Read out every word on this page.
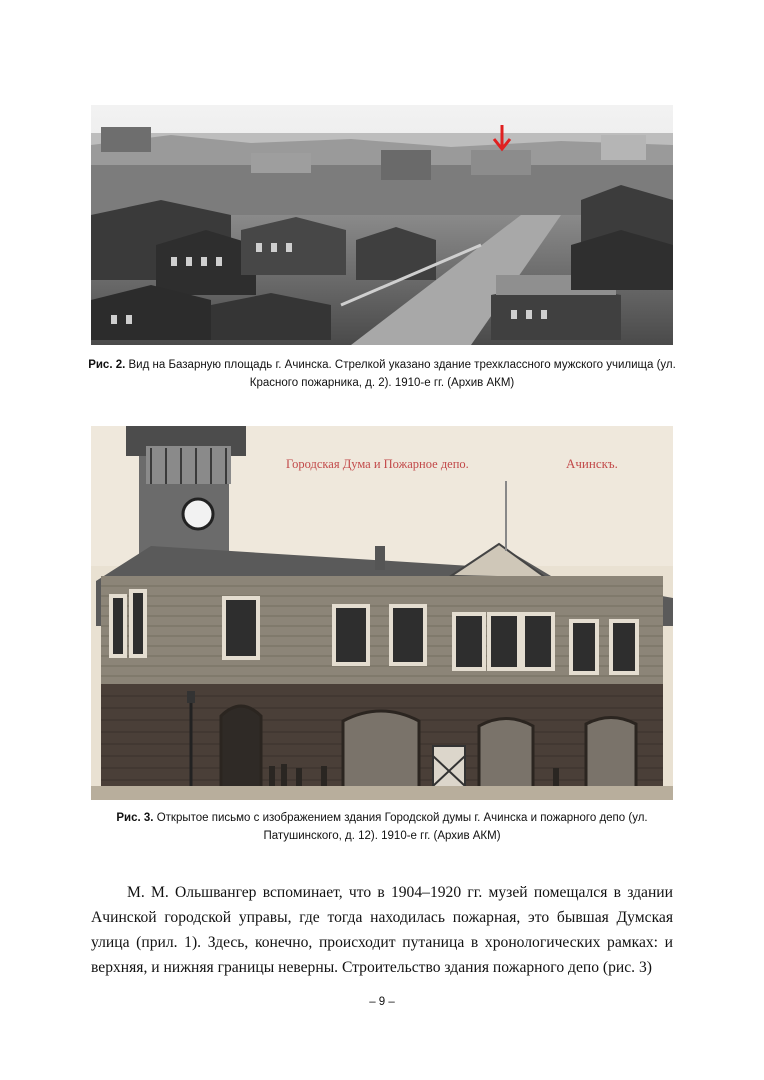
Рис. 2. Вид на Базарную площадь г. Ачинска. Стрелкой указано здание трехклассного мужского училища (ул. Красного пожарника, д. 2). 1910-е гг. (Архив АКМ)
Городская Дума и Пожарное депо.	Ачинскъ.
Рис. 3. Открытое письмо с изображением здания Городской думы г. Ачинска и пожарного депо (ул. Патушинского, д. 12). 1910-е гг. (Архив АКМ)

М. М. Ольшвангер вспоминает, что в 1904–1920 гг. музей помещался в здании Ачинской городской управы, где тогда находилась пожарная, это бывшая Думская улица (прил. 1). Здесь, конечно, происходит путаница в хронологических рамках: и верхняя, и нижняя границы неверны. Строительство здания пожарного депо (рис. 3)

– 9 –
